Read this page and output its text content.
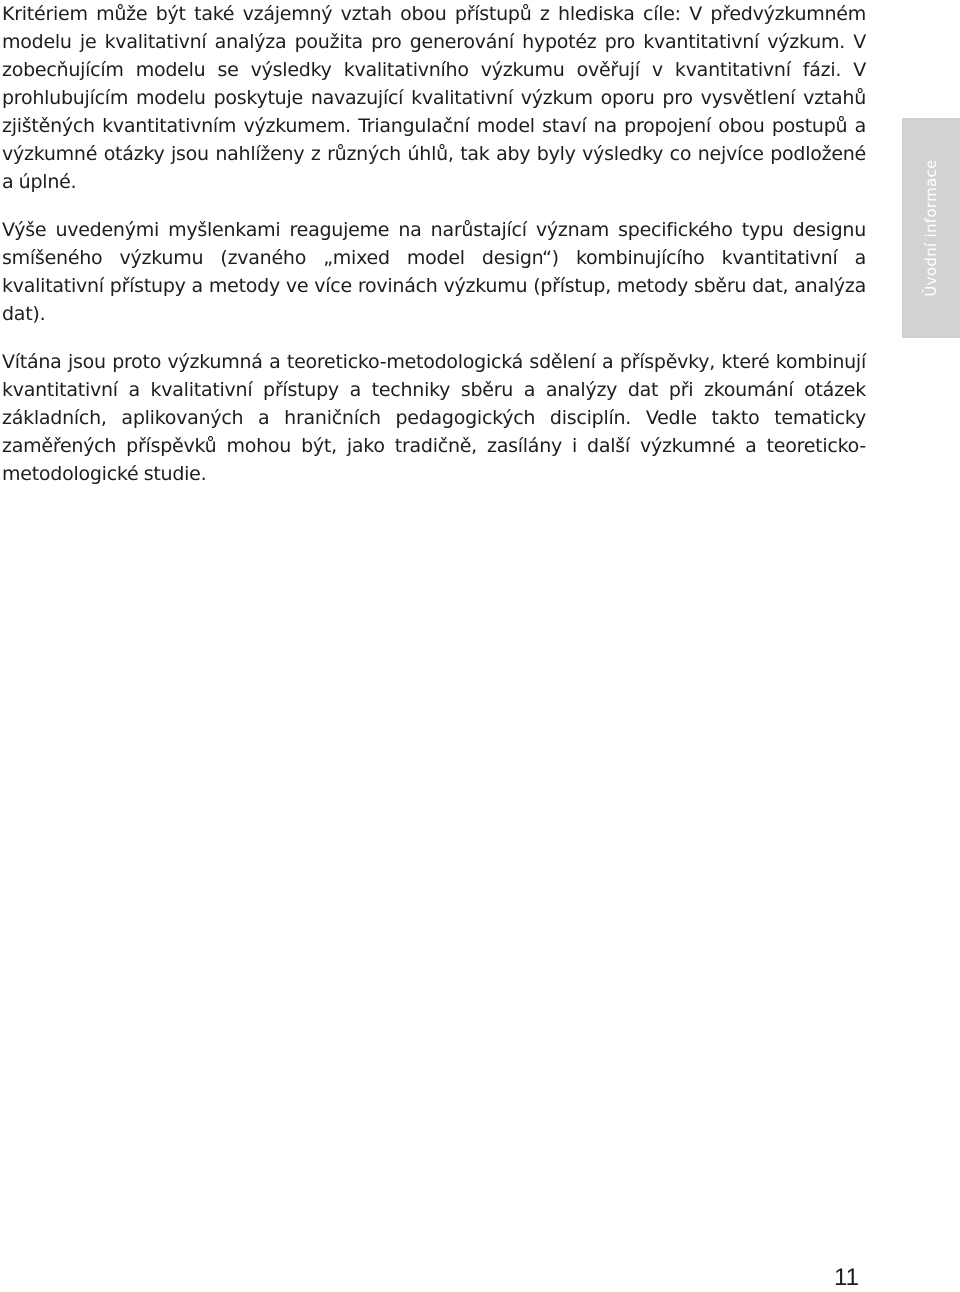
Kritériem může být také vzájemný vztah obou přístupů z hlediska cíle: V předvýzkumném modelu je kvalitativní analýza použita pro generování hypotéz pro kvantitativní výzkum. V zobecňujícím modelu se výsledky kvalitativního výzkumu ověřují v kvantitativní fázi. V prohlubujícím modelu poskytuje navazující kvalitativní výzkum oporu pro vysvětlení vztahů zjištěných kvantitativním výzkumem. Triangulační model staví na propojení obou postupů a výzkumné otázky jsou nahlíženy z různých úhlů, tak aby byly výsledky co nejvíce podložené a úplné.

Výše uvedenými myšlenkami reagujeme na narůstající význam specifického typu designu smíšeného výzkumu (zvaného „mixed model design“) kombinujícího kvantitativní a kvalitativní přístupy a metody ve více rovinách výzkumu (přístup, metody sběru dat, analýza dat).

Vítána jsou proto výzkumná a teoreticko-metodologická sdělení a příspěvky, které kombinují kvantitativní a kvalitativní přístupy a techniky sběru a analýzy dat při zkoumání otázek základních, aplikovaných a hraničních pedagogických disciplín. Vedle takto tematicky zaměřených příspěvků mohou být, jako tradičně, zasílány i další výzkumné a teoreticko-metodologické studie.

Úvodní informace
11
